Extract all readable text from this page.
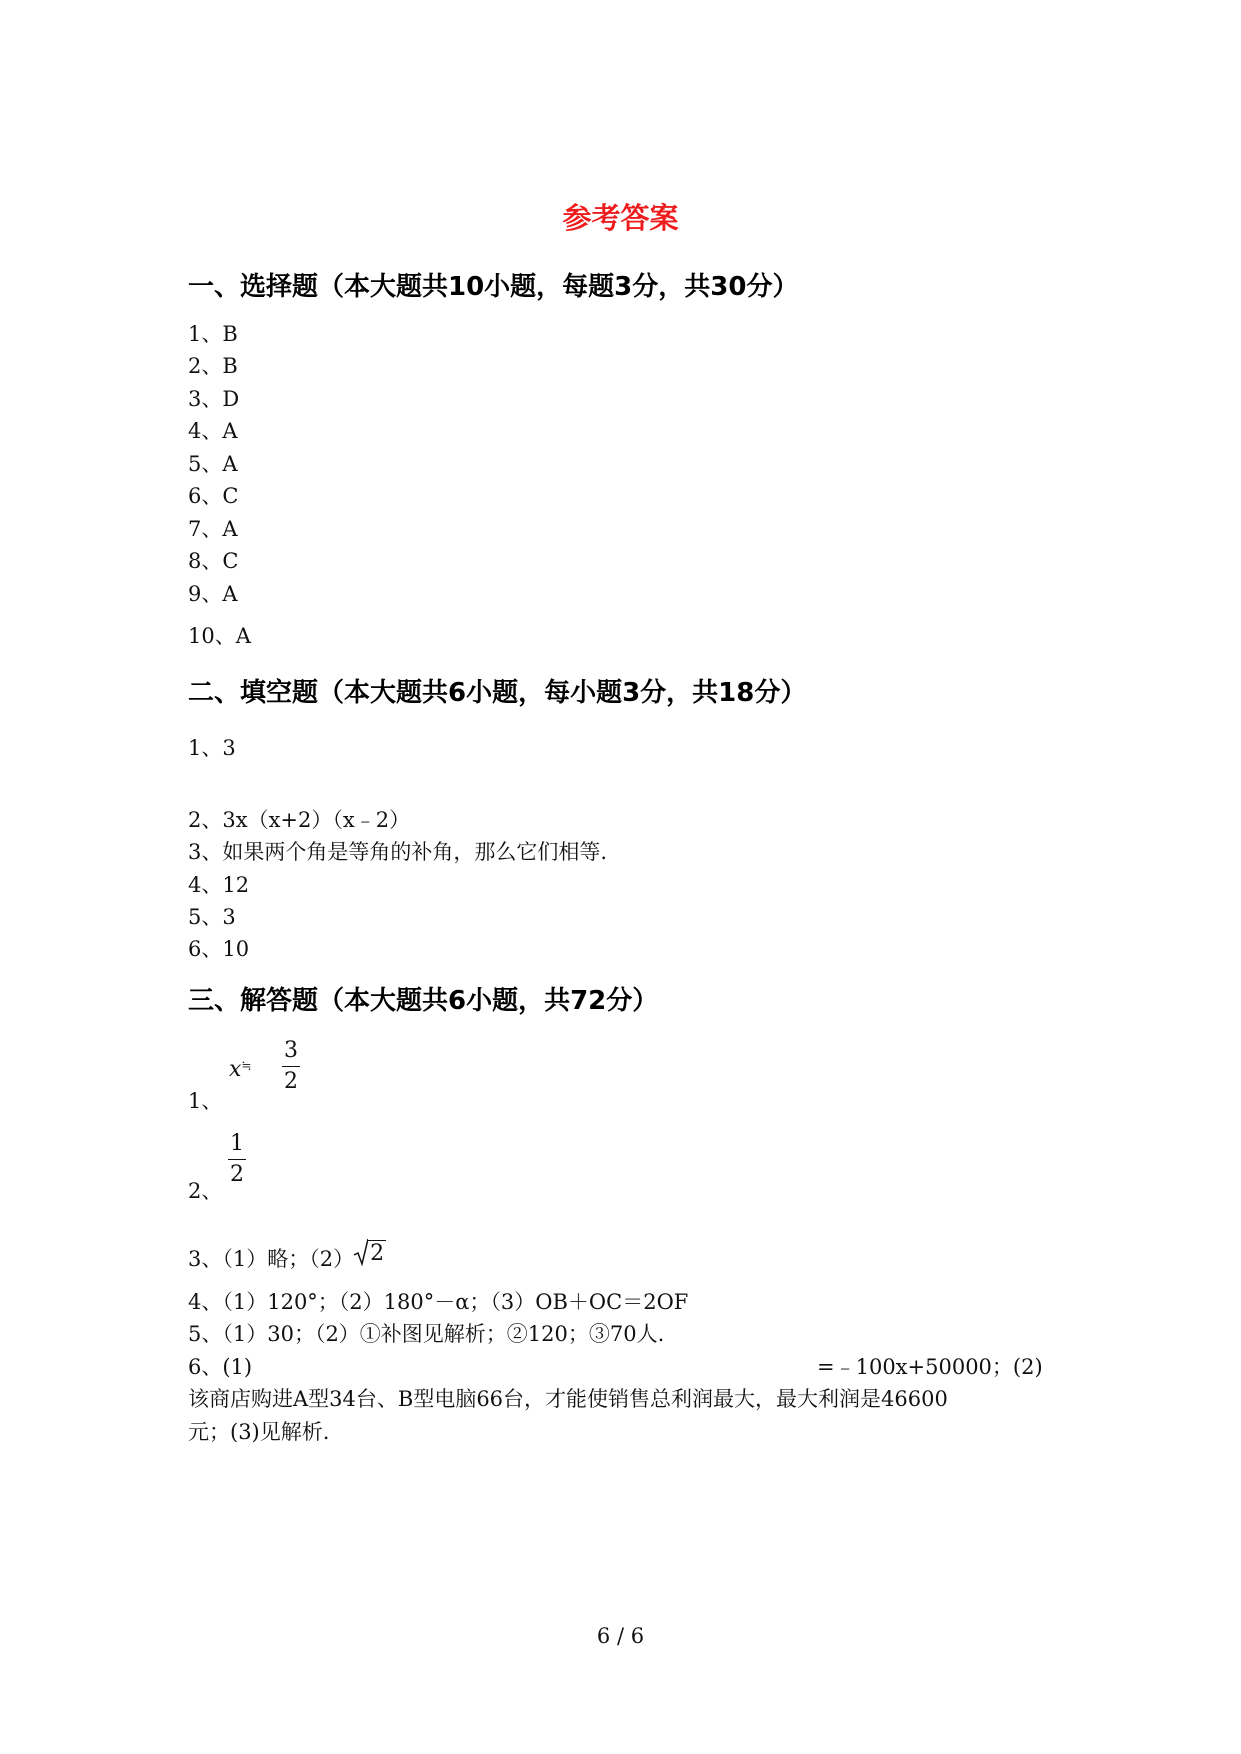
参考答案
一、选择题（本大题共10小题，每题3分，共30分）
1、B
2、B
3、D
4、A
5、A
6、C
7、A
8、C
9、A
10、A
二、填空题（本大题共6小题，每小题3分，共18分）
1、3
2、3x（x+2）（x﹣2）
3、如果两个角是等角的补角，那么它们相等.
4、12
5、3
6、10
三、解答题（本大题共6小题，共72分）
1、
$x^≒ \frac{3}{2}$
2、
$\frac{1}{2}$
3、（1）略；（2） 2
4、（1）120°；（2）180°－α；（3）OB＋OC＝2OF
5、（1）30；（2）①补图见解析；②120；③70人.
6、(1)	=﹣100x+50000；(2)
该商店购进A型34台、B型电脑66台，才能使销售总利润最大，最大利润是46600
元；(3)见解析.
6 / 6
